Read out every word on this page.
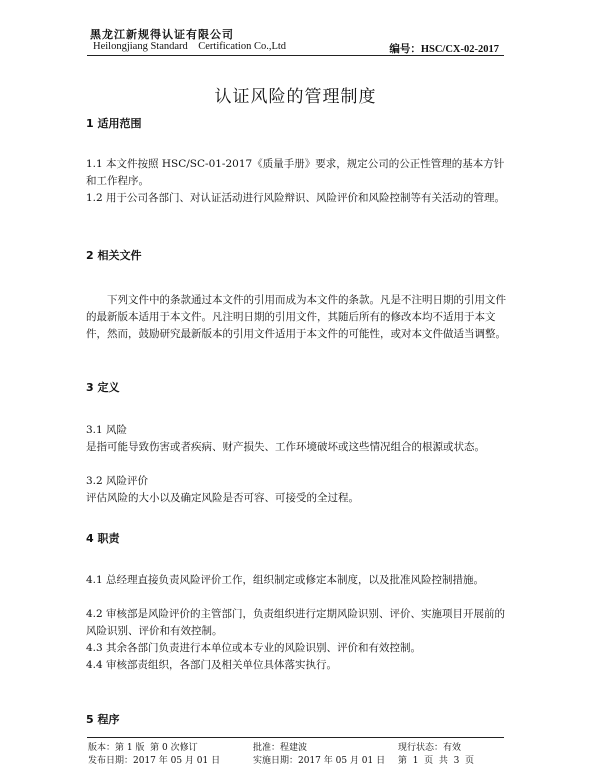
黑龙江新规得认证有限公司
Heilongjiang Standard    Certification Co.,Ltd	编号：HSC/CX-02-2017
认证风险的管理制度
1 适用范围
1.1 本文件按照 HSC/SC-01-2017《质量手册》要求，规定公司的公正性管理的基本方针和工作程序。
1.2 用于公司各部门、对认证活动进行风险辩识、风险评价和风险控制等有关活动的管理。
2 相关文件
下列文件中的条款通过本文件的引用而成为本文件的条款。凡是不注明日期的引用文件的最新版本适用于本文件。凡注明日期的引用文件，其随后所有的修改本均不适用于本文件，然而，鼓励研究最新版本的引用文件适用于本文件的可能性，或对本文件做适当调整。
3 定义
3.1 风险
是指可能导致伤害或者疾病、财产损失、工作环境破坏或这些情况组合的根源或状态。
3.2 风险评价
评估风险的大小以及确定风险是否可容、可接受的全过程。
4 职责
4.1 总经理直接负责风险评价工作，组织制定或修定本制度，以及批准风险控制措施。
4.2 审核部是风险评价的主管部门，负责组织进行定期风险识别、评价、实施项目开展前的风险识别、评价和有效控制。
4.3 其余各部门负责进行本单位或本专业的风险识别、评价和有效控制。
4.4 审核部责组织，各部门及相关单位具体落实执行。
5 程序
版本：第 1 版  第 0 次修订	批准：程建波	现行状态：有效
发布日期：2017 年 05 月 01 日	实施日期：2017 年 05 月 01 日 第  1  页  共  3  页
